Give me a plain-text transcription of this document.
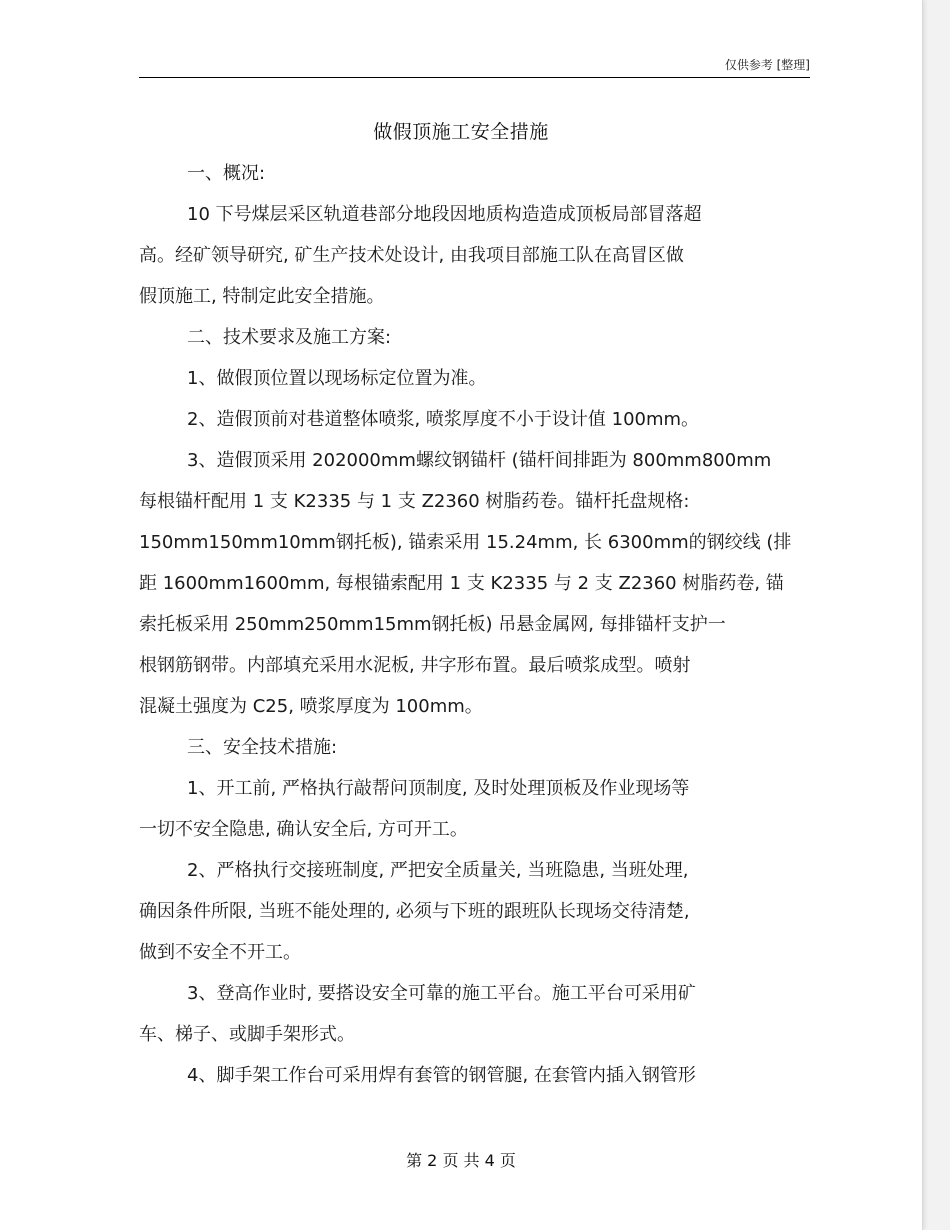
仅供参考 [整理]
做假顶施工安全措施
一、概况:
10 下号煤层采区轨道巷部分地段因地质构造造成顶板局部冒落超
高。经矿领导研究, 矿生产技术处设计, 由我项目部施工队在高冒区做
假顶施工, 特制定此安全措施。
二、技术要求及施工方案:
1、做假顶位置以现场标定位置为准。
2、造假顶前对巷道整体喷浆, 喷浆厚度不小于设计值 100mm。
3、造假顶采用 202000mm螺纹钢锚杆 (锚杆间排距为 800mm800mm
每根锚杆配用 1 支 K2335 与 1 支 Z2360 树脂药卷。锚杆托盘规格:
150mm150mm10mm钢托板), 锚索采用 15.24mm, 长 6300mm的钢绞线 (排
距 1600mm1600mm, 每根锚索配用 1 支 K2335 与 2 支 Z2360 树脂药卷, 锚
索托板采用 250mm250mm15mm钢托板) 吊悬金属网, 每排锚杆支护一
根钢筋钢带。内部填充采用水泥板, 井字形布置。最后喷浆成型。喷射
混凝土强度为 C25, 喷浆厚度为 100mm。
三、安全技术措施:
1、开工前, 严格执行敲帮问顶制度, 及时处理顶板及作业现场等
一切不安全隐患, 确认安全后, 方可开工。
2、严格执行交接班制度, 严把安全质量关, 当班隐患, 当班处理,
确因条件所限, 当班不能处理的, 必须与下班的跟班队长现场交待清楚,
做到不安全不开工。
3、登高作业时, 要搭设安全可靠的施工平台。施工平台可采用矿
车、梯子、或脚手架形式。
4、脚手架工作台可采用焊有套管的钢管腿, 在套管内插入钢管形
第 2 页 共 4 页
